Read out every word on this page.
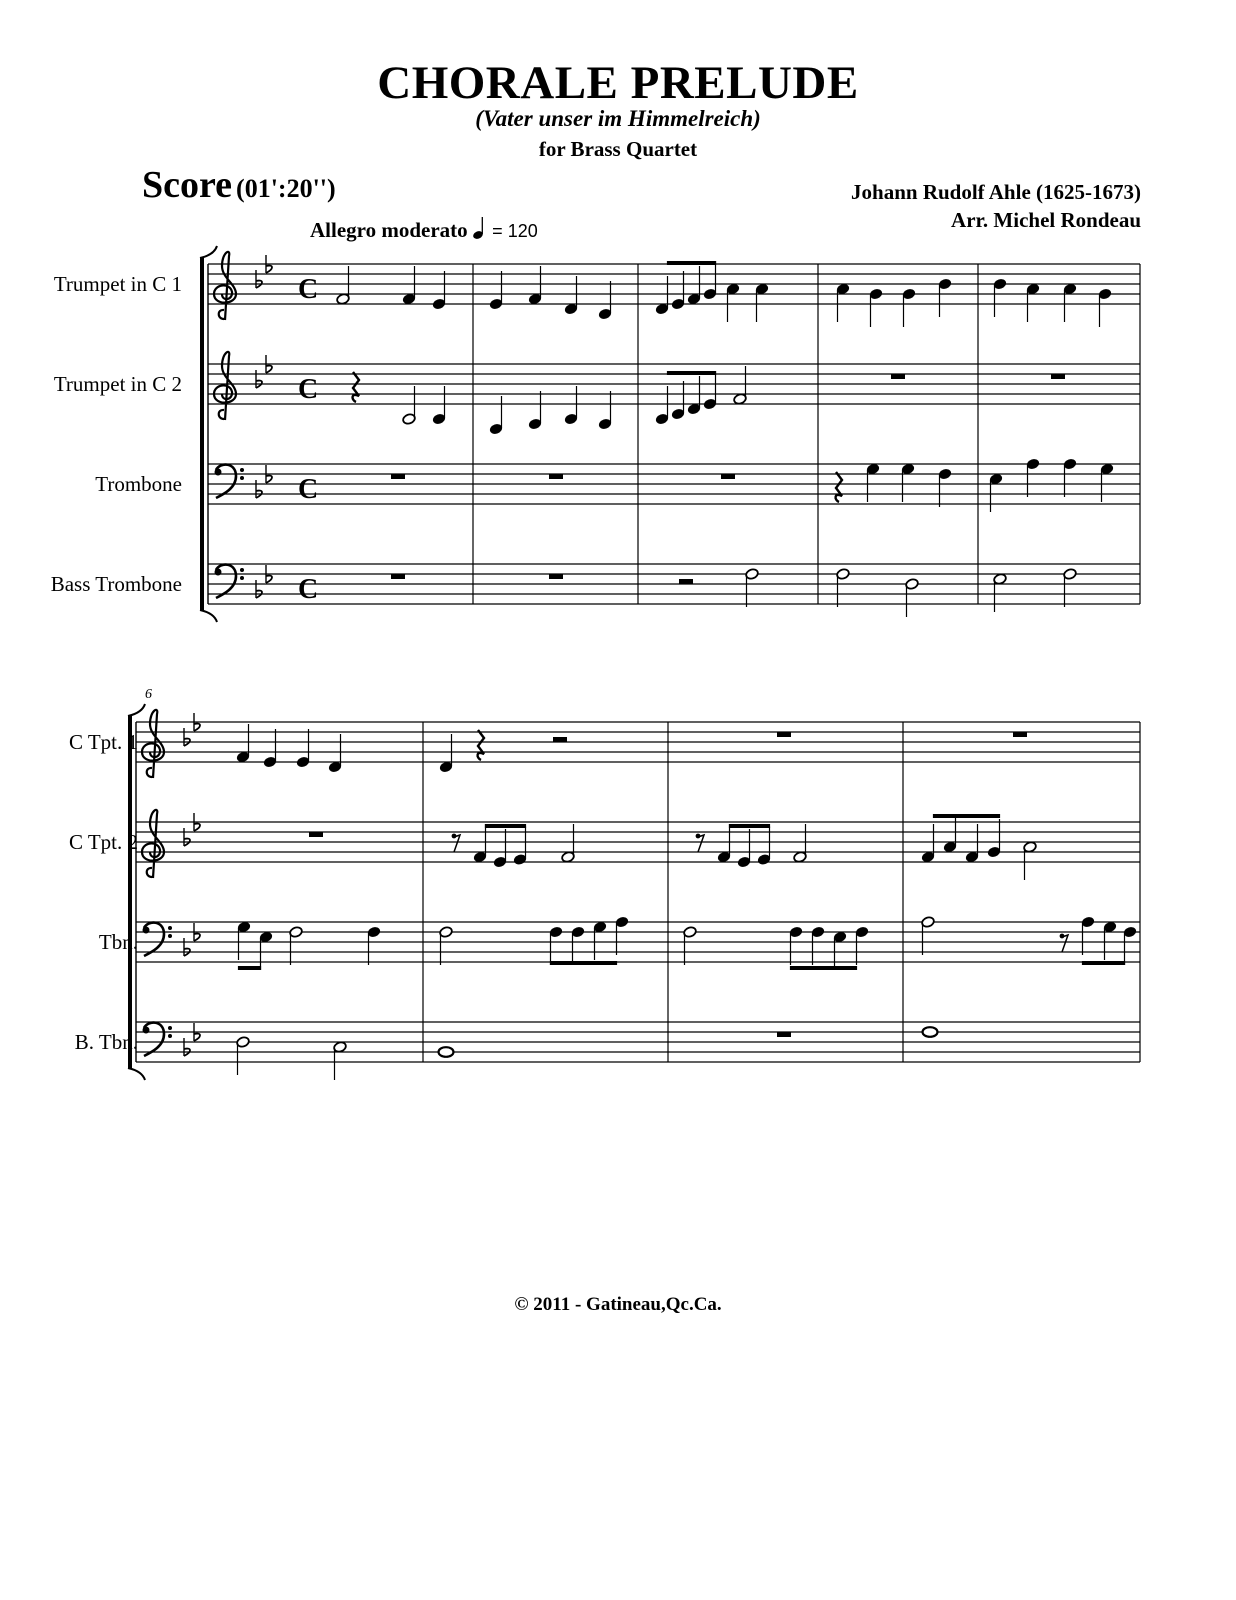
CHORALE PRELUDE
(Vater unser im Himmelreich)
for Brass Quartet
Score (01':20'')	Johann Rudolf Ahle (1625-1673)
Arr. Michel Rondeau
Allegro moderato = 120
Trumpet in C 1
Trumpet in C 2
Trombone
Bass Trombone
6
C Tpt. 1
C Tpt. 2
Tbn.
B. Tbn.
C
C
C
C
© 2011 - Gatineau,Qc.Ca.
